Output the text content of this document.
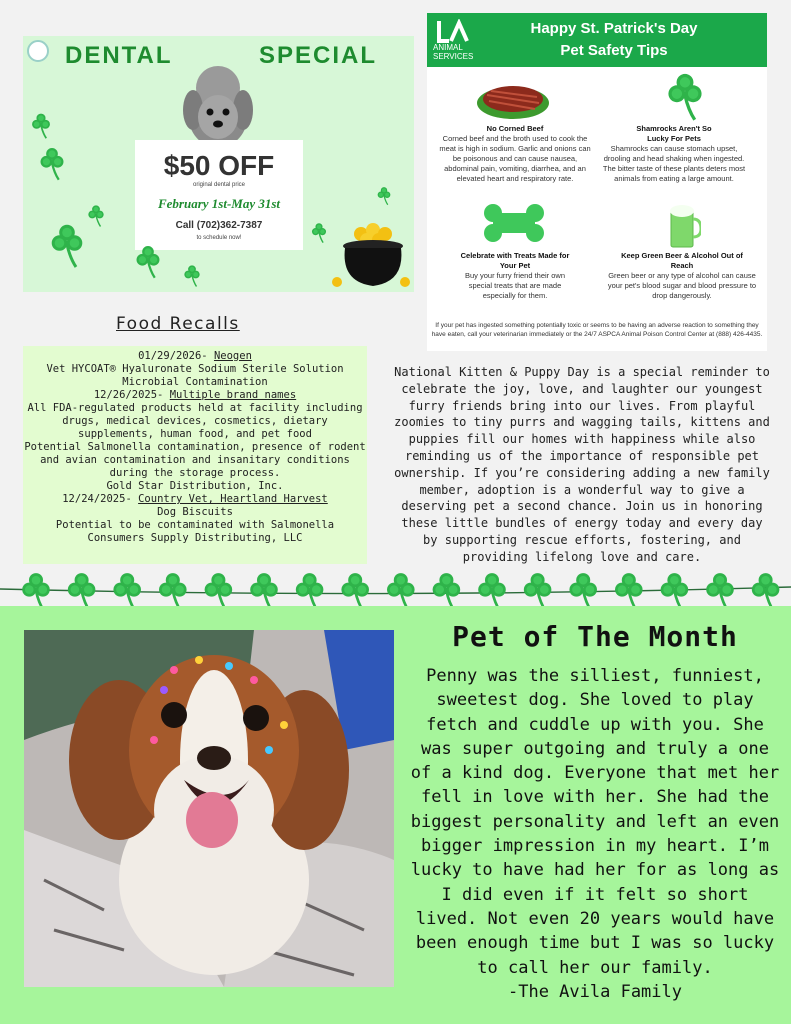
DENTAL	SPECIAL
$50 OFF
original dental price
February 1st-May 31st
Call (702)362-7387
to schedule now!
ANIMAL
SERVICES
Happy St. Patrick's Day
Pet Safety Tips
No Corned Beef
Corned beef and the broth used to cook the meat is high in sodium. Garlic and onions can be poisonous and can cause nausea, abdominal pain, vomiting, diarrhea, and an elevated heart and respiratory rate.
Shamrocks Aren't So Lucky For Pets
Shamrocks can cause stomach upset, drooling and head shaking when ingested. The bitter taste of these plants deters most animals from eating a large amount.
Celebrate with Treats Made for Your Pet
Buy your furry friend their own special treats that are made especially for them.
Keep Green Beer & Alcohol Out of Reach
Green beer or any type of alcohol can cause your pet's blood sugar and blood pressure to drop dangerously.
If your pet has ingested something potentially toxic or seems to be having an adverse reaction to something they have eaten, call your veterinarian immediately or the 24/7 ASPCA Animal Poison Control Center at (888) 426-4435.
Food Recalls
01/29/2026- Neogen
Vet HYCOAT® Hyaluronate Sodium Sterile Solution
Microbial Contamination
12/26/2025- Multiple brand names
All FDA-regulated products held at facility including drugs, medical devices, cosmetics, dietary supplements, human food, and pet food
Potential Salmonella contamination, presence of rodent and avian contamination and insanitary conditions during the storage process.
Gold Star Distribution, Inc.
12/24/2025- Country Vet, Heartland Harvest
Dog Biscuits
Potential to be contaminated with Salmonella
Consumers Supply Distributing, LLC
National Kitten & Puppy Day is a special reminder to celebrate the joy, love, and laughter our youngest furry friends bring into our lives. From playful zoomies to tiny purrs and wagging tails, kittens and puppies fill our homes with happiness while also reminding us of the importance of responsible pet ownership. If you’re considering adding a new family member, adoption is a wonderful way to give a deserving pet a second chance. Join us in honoring these little bundles of energy today and every day by supporting rescue efforts, fostering, and providing lifelong love and care.
Pet of The Month
Penny was the silliest, funniest, sweetest dog. She loved to play fetch and cuddle up with you. She was super outgoing and truly a one of a kind dog. Everyone that met her fell in love with her. She had the biggest personality and left an even bigger impression in my heart. I’m lucky to have had her for as long as I did even if it felt so short lived. Not even 20 years would have been enough time but I was so lucky to call her our family.
-The Avila Family
